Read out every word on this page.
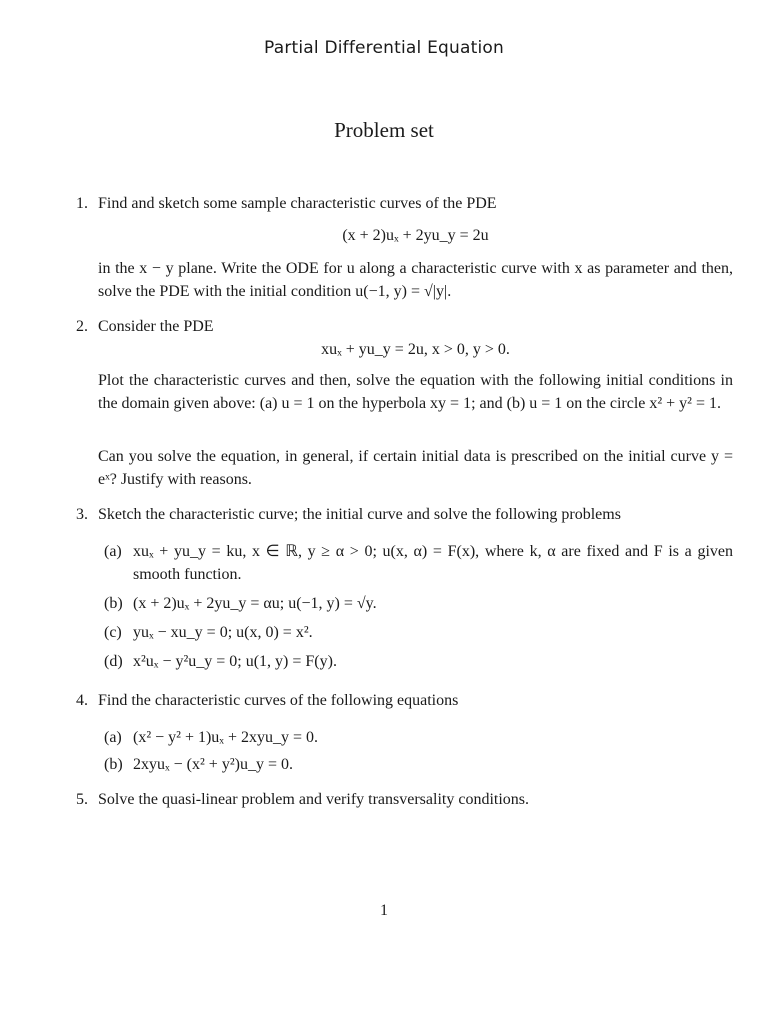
Partial Differential Equation
Problem set
1. Find and sketch some sample characteristic curves of the PDE

(x + 2)uₓ + 2yu_y = 2u

in the x − y plane. Write the ODE for u along a characteristic curve with x as parameter and then, solve the PDE with the initial condition u(−1, y) = √|y|.

2. Consider the PDE

xuₓ + yu_y = 2u, x > 0, y > 0.

Plot the characteristic curves and then, solve the equation with the following initial conditions in the domain given above: (a) u = 1 on the hyperbola xy = 1; and (b) u = 1 on the circle x² + y² = 1.

Can you solve the equation, in general, if certain initial data is prescribed on the initial curve y = eˣ? Justify with reasons.

3. Sketch the characteristic curve; the initial curve and solve the following problems

(a) xuₓ + yu_y = ku, x ∈ ℝ, y ≥ α > 0; u(x, α) = F(x), where k, α are fixed and F is a given smooth function.
(b) (x + 2)uₓ + 2yu_y = αu; u(−1, y) = √y.
(c) yuₓ − xu_y = 0; u(x, 0) = x².
(d) x²uₓ − y²u_y = 0; u(1, y) = F(y).
4. Find the characteristic curves of the following equations

(a) (x² − y² + 1)uₓ + 2xyu_y = 0.
(b) 2xyuₓ − (x² + y²)u_y = 0.
5. Solve the quasi-linear problem and verify transversality conditions.

1
